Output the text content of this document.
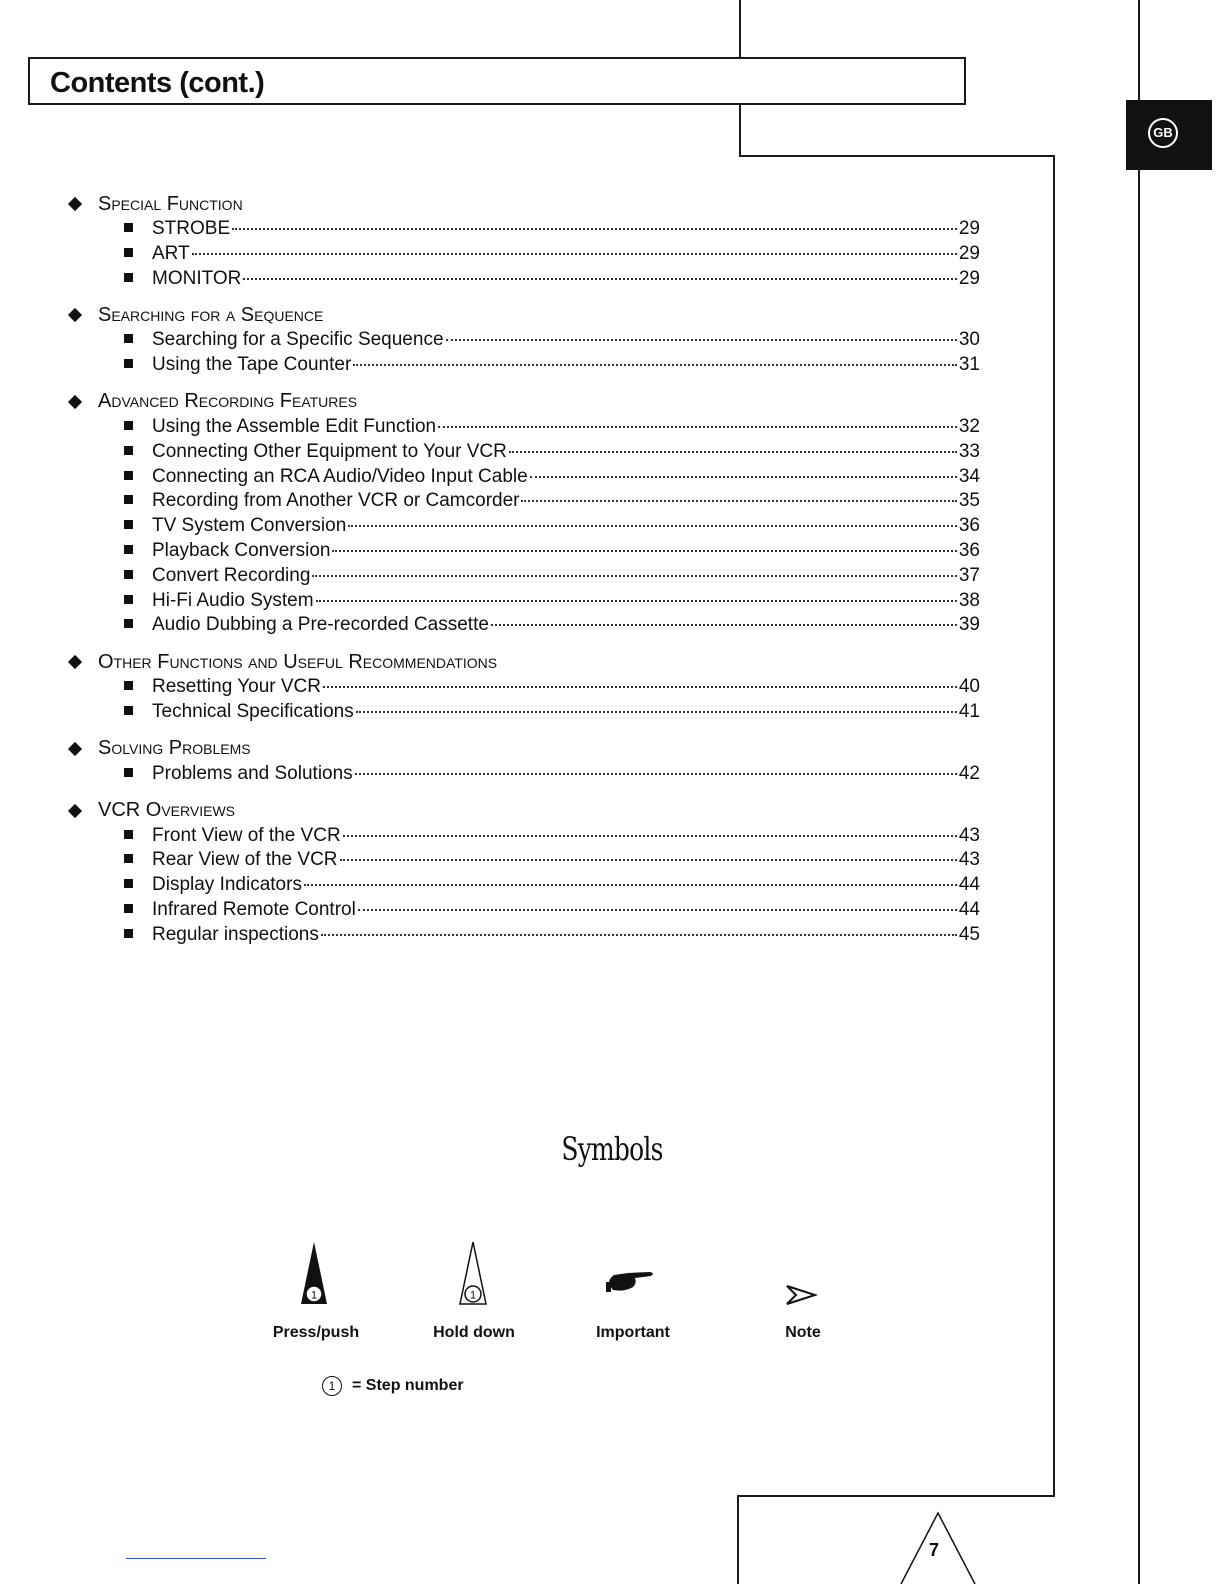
Contents (cont.)
GB
Special Function
STROBE	29
ART	29
MONITOR	29
Searching for a Sequence
Searching for a Specific Sequence	30
Using the Tape Counter	31
Advanced Recording Features
Using the Assemble Edit Function	32
Connecting Other Equipment to Your VCR	33
Connecting an RCA Audio/Video Input Cable	34
Recording from Another VCR or Camcorder	35
TV System Conversion	36
Playback Conversion	36
Convert Recording	37
Hi-Fi Audio System	38
Audio Dubbing a Pre-recorded Cassette	39
Other Functions and Useful Recommendations
Resetting Your VCR	40
Technical Specifications	41
Solving Problems
Problems and Solutions	42
VCR Overviews
Front View of the VCR	43
Rear View of the VCR	43
Display Indicators	44
Infrared Remote Control	44
Regular inspections	45
Symbols
1	1
Press/push	Hold down	Important	Note
1	= Step number
7
